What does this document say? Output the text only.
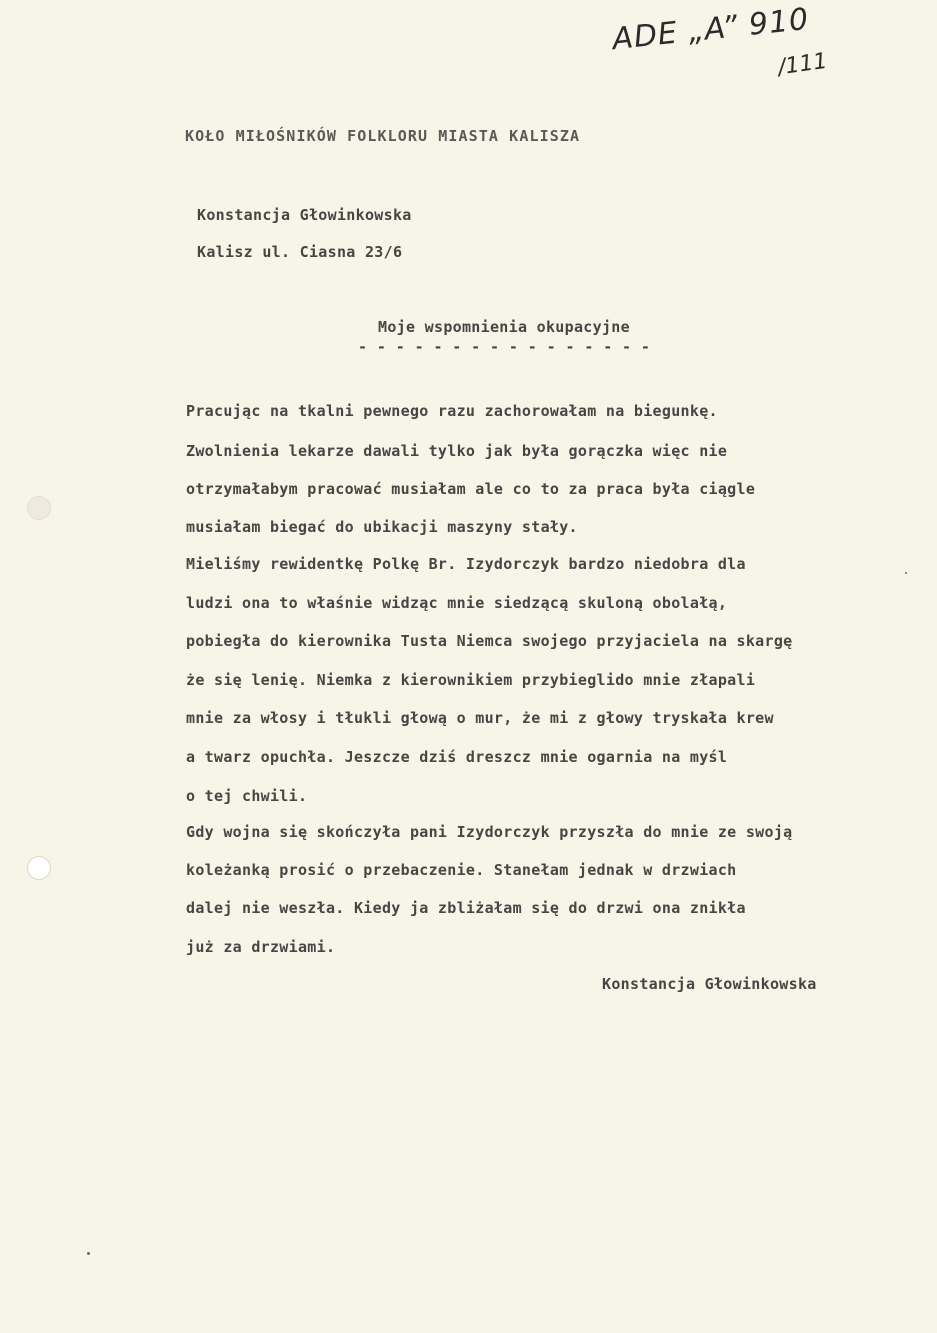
ADE „A” 910
/111
KOŁO MIŁOŚNIKÓW FOLKLORU MIASTA KALISZA
Konstancja Głowinkowska
Kalisz ul. Ciasna 23/6
Moje wspomnienia okupacyjne
- - - - - - - - - - - - - - - -
Pracując na tkalni pewnego razu zachorowałam na biegunkę.
Zwolnienia lekarze dawali tylko jak była gorączka więc nie
otrzymałabym pracować musiałam ale co to za praca była ciągle
musiałam biegać do ubikacji maszyny stały.
Mieliśmy rewidentkę Polkę Br. Izydorczyk bardzo niedobra dla
ludzi ona to właśnie widząc mnie siedzącą skuloną obolałą,
pobiegła do kierownika Tusta Niemca swojego przyjaciela na skargę
że się lenię. Niemka z kierownikiem przybieglido mnie złapali
mnie za włosy i tłukli głową o mur, że mi z głowy tryskała krew
a twarz opuchła. Jeszcze dziś dreszcz mnie ogarnia na myśl
o tej chwili.
Gdy wojna się skończyła pani Izydorczyk przyszła do mnie ze swoją
koleżanką prosić o przebaczenie. Stanełam jednak w drzwiach
dalej nie weszła. Kiedy ja zbliżałam się do drzwi ona znikła
już za drzwiami.
Konstancja Głowinkowska
